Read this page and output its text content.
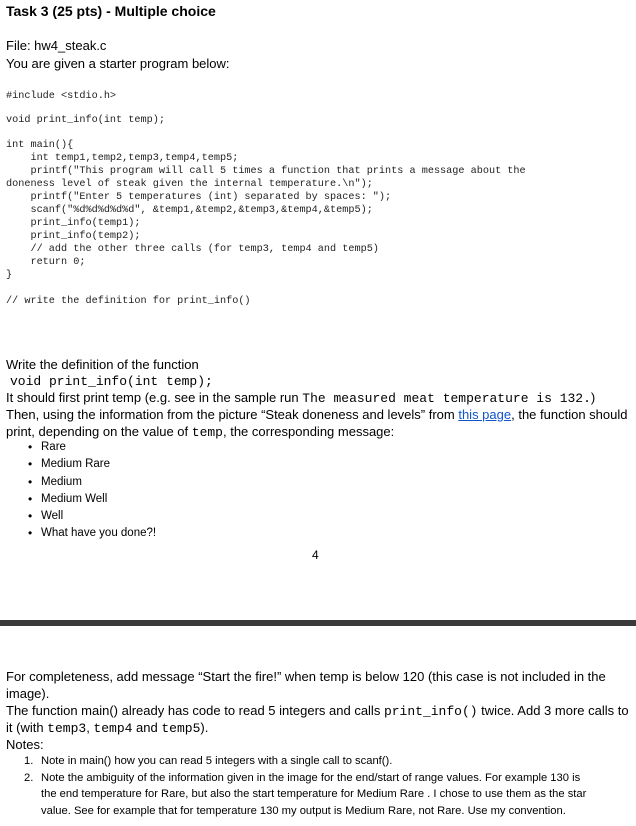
Task 3 (25 pts) - Multiple choice
File: hw4_steak.c
You are given a starter program below:
#include <stdio.h>
void print_info(int temp);
int main(){
int temp1,temp2,temp3,temp4,temp5;
printf("This program will call 5 times a function that prints a message about the
doneness level of steak given the internal temperature.\n");
printf("Enter 5 temperatures (int) separated by spaces: ");
scanf("%d%d%d%d%d", &temp1,&temp2,&temp3,&temp4,&temp5);
print_info(temp1);
print_info(temp2);
// add the other three calls (for temp3, temp4 and temp5)
return 0;
}
// write the definition for print_info()
Write the definition of the function
void print_info(int temp);
It should first print temp (e.g. see in the sample run The measured meat temperature is 132.)
Then, using the information from the picture “Steak doneness and levels” from this page, the function should
print, depending on the value of temp, the corresponding message:
• Rare
• Medium Rare
• Medium
• Medium Well
• Well
• What have you done?!
4
For completeness, add message “Start the fire!” when temp is below 120 (this case is not included in the
image).
The function main() already has code to read 5 integers and calls print_info() twice. Add 3 more calls to
it (with temp3, temp4 and temp5).
Notes:
1. Note in main() how you can read 5 integers with a single call to scanf().
2. Note the ambiguity of the information given in the image for the end/start of range values. For example 130 is
the end temperature for Rare, but also the start temperature for Medium Rare . I chose to use them as the star
value. See for example that for temperature 130 my output is Medium Rare, not Rare. Use my convention.
